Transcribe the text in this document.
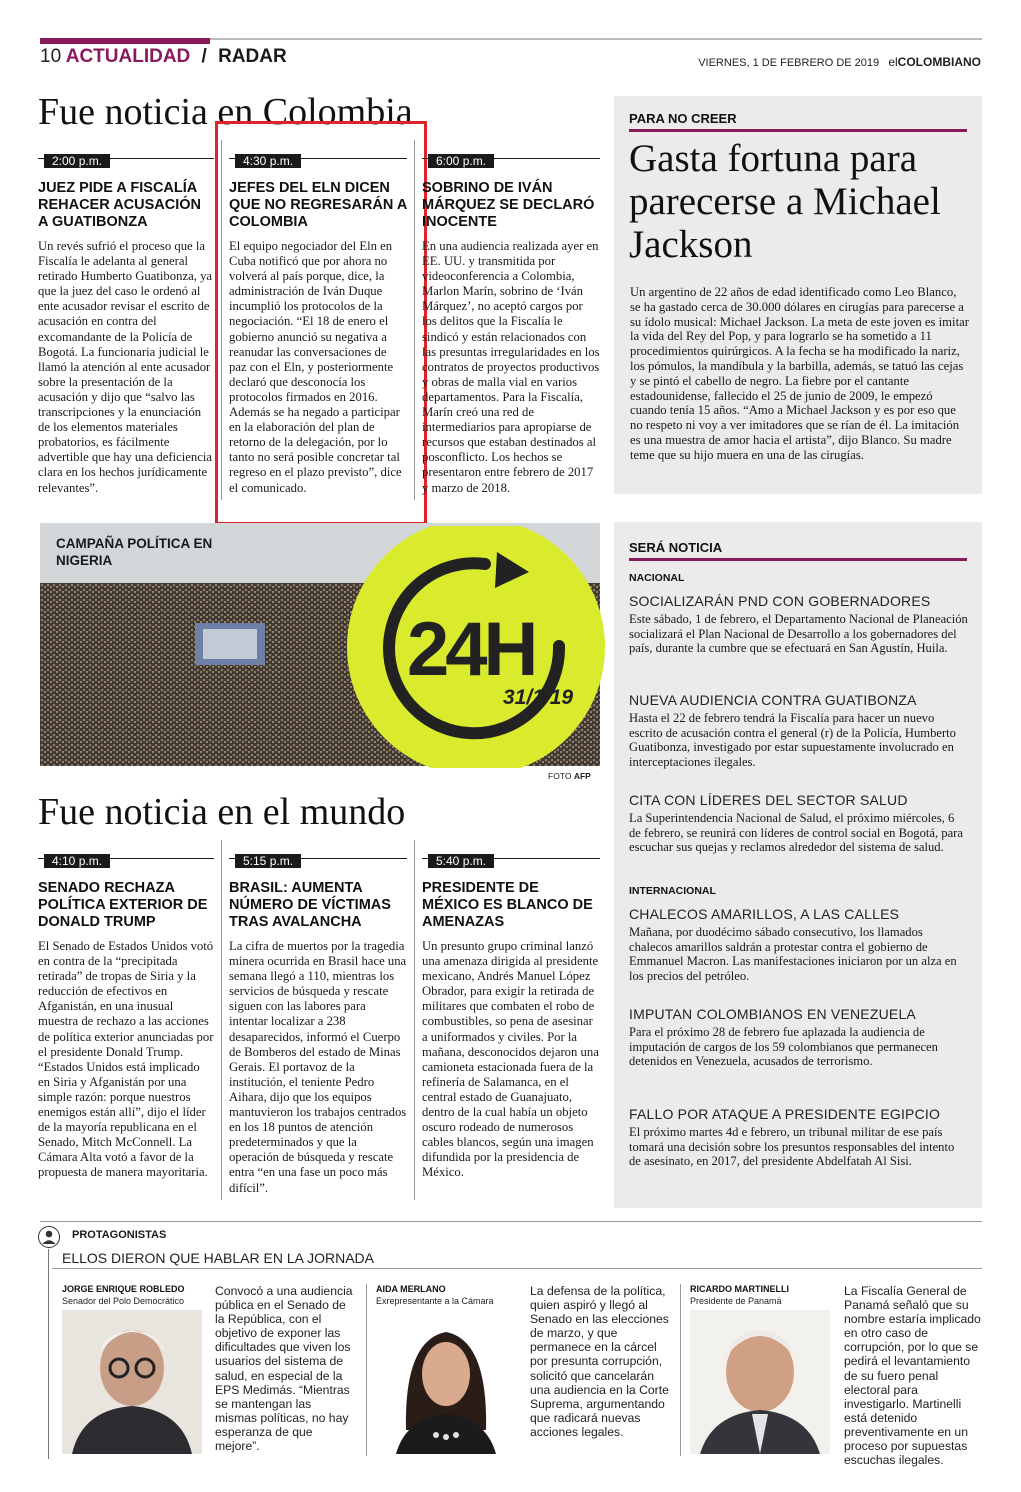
10 ACTUALIDAD / RADAR	VIERNES, 1 DE FEBRERO DE 2019 elCOLOMBIANO
Fue noticia en Colombia
2:00 p.m.
JUEZ PIDE A FISCALÍA REHACER ACUSACIÓN A GUATIBONZA

Un revés sufrió el proceso que la Fiscalía le adelanta al general retirado Humberto Guatibonza, ya que la juez del caso le ordenó al ente acusador revisar el escrito de acusación en contra del excomandante de la Policía de Bogotá. La funcionaria judicial le llamó la atención al ente acusador sobre la presentación de la acusación y dijo que “salvo las transcripciones y la enunciación de los elementos materiales probatorios, es fácilmente advertible que hay una deficiencia clara en los hechos jurídicamente relevantes”.

4:30 p.m.
JEFES DEL ELN DICEN QUE NO REGRESARÁN A COLOMBIA

El equipo negociador del Eln en Cuba notificó que por ahora no volverá al país porque, dice, la administración de Iván Duque incumplió los protocolos de la negociación. “El 18 de enero el gobierno anunció su negativa a reanudar las conversaciones de paz con el Eln, y posteriormente declaró que desconocía los protocolos firmados en 2016. Además se ha negado a participar en la elaboración del plan de retorno de la delegación, por lo tanto no será posible concretar tal regreso en el plazo previsto”, dice el comunicado.

6:00 p.m.
SOBRINO DE IVÁN MÁRQUEZ SE DECLARÓ INOCENTE

En una audiencia realizada ayer en EE. UU. y transmitida por videoconferencia a Colombia, Marlon Marín, sobrino de ‘Iván Márquez’, no aceptó cargos por los delitos que la Fiscalía le sindicó y están relacionados con las presuntas irregularidades en los contratos de proyectos productivos y obras de malla vial en varios departamentos. Para la Fiscalía, Marín creó una red de intermediarios para apropiarse de recursos que estaban destinados al posconflicto. Los hechos se presentaron entre febrero de 2017 y marzo de 2018.

PARA NO CREER
Gasta fortuna para parecerse a Michael Jackson
Un argentino de 22 años de edad identificado como Leo Blanco, se ha gastado cerca de 30.000 dólares en cirugías para parecerse a su ídolo musical: Michael Jackson. La meta de este joven es imitar la vida del Rey del Pop, y para lograrlo se ha sometido a 11 procedimientos quirúrgicos. A la fecha se ha modificado la nariz, los pómulos, la mandíbula y la barbilla, además, se tatuó las cejas y se pintó el cabello de negro. La fiebre por el cantante estadounidense, fallecido el 25 de junio de 2009, le empezó cuando tenía 15 años. “Amo a Michael Jackson y es por eso que no respeto ni voy a ver imitadores que se rían de él. La imitación es una muestra de amor hacia el artista”, dijo Blanco. Su madre teme que su hijo muera en una de las cirugías.
CAMPAÑA POLÍTICA EN NIGERIA
24H
31/1/19
FOTO AFP
SERÁ NOTICIA
NACIONAL
SOCIALIZARÁN PND CON GOBERNADORES
Este sábado, 1 de febrero, el Departamento Nacional de Planeación socializará el Plan Nacional de Desarrollo a los gobernadores del país, durante la cumbre que se efectuará en San Agustín, Huila.
NUEVA AUDIENCIA CONTRA GUATIBONZA
Hasta el 22 de febrero tendrá la Fiscalía para hacer un nuevo escrito de acusación contra el general (r) de la Policía, Humberto Guatibonza, investigado por estar supuestamente involucrado en interceptaciones ilegales.
CITA CON LÍDERES DEL SECTOR SALUD
La Superintendencia Nacional de Salud, el próximo miércoles, 6 de febrero, se reunirá con líderes de control social en Bogotá, para escuchar sus quejas y reclamos alrededor del sistema de salud.
INTERNACIONAL
CHALECOS AMARILLOS, A LAS CALLES
Mañana, por duodécimo sábado consecutivo, los llamados chalecos amarillos saldrán a protestar contra el gobierno de Emmanuel Macron. Las manifestaciones iniciaron por un alza en los precios del petróleo.
IMPUTAN COLOMBIANOS EN VENEZUELA
Para el próximo 28 de febrero fue aplazada la audiencia de imputación de cargos de los 59 colombianos que permanecen detenidos en Venezuela, acusados de terrorismo.
FALLO POR ATAQUE A PRESIDENTE EGIPCIO
El próximo martes 4d e febrero, un tribunal militar de ese país tomará una decisión sobre los presuntos responsables del intento de asesinato, en 2017, del presidente Abdelfatah Al Sisi.
Fue noticia en el mundo
4:10 p.m.
SENADO RECHAZA POLÍTICA EXTERIOR DE DONALD TRUMP

El Senado de Estados Unidos votó en contra de la “precipitada retirada” de tropas de Siria y la reducción de efectivos en Afganistán, en una inusual muestra de rechazo a las acciones de política exterior anunciadas por el presidente Donald Trump. “Estados Unidos está implicado en Siria y Afganistán por una simple razón: porque nuestros enemigos están allí”, dijo el líder de la mayoría republicana en el Senado, Mitch McConnell. La Cámara Alta votó a favor de la propuesta de manera mayoritaria.

5:15 p.m.
BRASIL: AUMENTA NÚMERO DE VÍCTIMAS TRAS AVALANCHA

La cifra de muertos por la tragedia minera ocurrida en Brasil hace una semana llegó a 110, mientras los servicios de búsqueda y rescate siguen con las labores para intentar localizar a 238 desaparecidos, informó el Cuerpo de Bomberos del estado de Minas Gerais. El portavoz de la institución, el teniente Pedro Aihara, dijo que los equipos mantuvieron los trabajos centrados en los 18 puntos de atención predeterminados y que la operación de búsqueda y rescate entra “en una fase un poco más difícil”.

5:40 p.m.
PRESIDENTE DE MÉXICO ES BLANCO DE AMENAZAS

Un presunto grupo criminal lanzó una amenaza dirigida al presidente mexicano, Andrés Manuel López Obrador, para exigir la retirada de militares que combaten el robo de combustibles, so pena de asesinar a uniformados y civiles. Por la mañana, desconocidos dejaron una camioneta estacionada fuera de la refinería de Salamanca, en el central estado de Guanajuato, dentro de la cual había un objeto oscuro rodeado de numerosos cables blancos, según una imagen difundida por la presidencia de México.

PROTAGONISTAS
ELLOS DIERON QUE HABLAR EN LA JORNADA
JORGE ENRIQUE ROBLEDO
Senador del Polo Democrático
Convocó a una audiencia pública en el Senado de la República, con el objetivo de exponer las dificultades que viven los usuarios del sistema de salud, en especial de la EPS Medimás. “Mientras se mantengan las mismas políticas, no hay esperanza de que mejore”.
AIDA MERLANO
Exrepresentante a la Cámara
La defensa de la política, quien aspiró y llegó al Senado en las elecciones de marzo, y que permanece en la cárcel por presunta corrupción, solicitó que cancelarán una audiencia en la Corte Suprema, argumentando que radicará nuevas acciones legales.
RICARDO MARTINELLI
Presidente de Panamá
La Fiscalía General de Panamá señaló que su nombre estaría implicado en otro caso de corrupción, por lo que se pedirá el levantamiento de su fuero penal electoral para investigarlo. Martinelli está detenido preventivamente en un proceso por supuestas escuchas ilegales.
